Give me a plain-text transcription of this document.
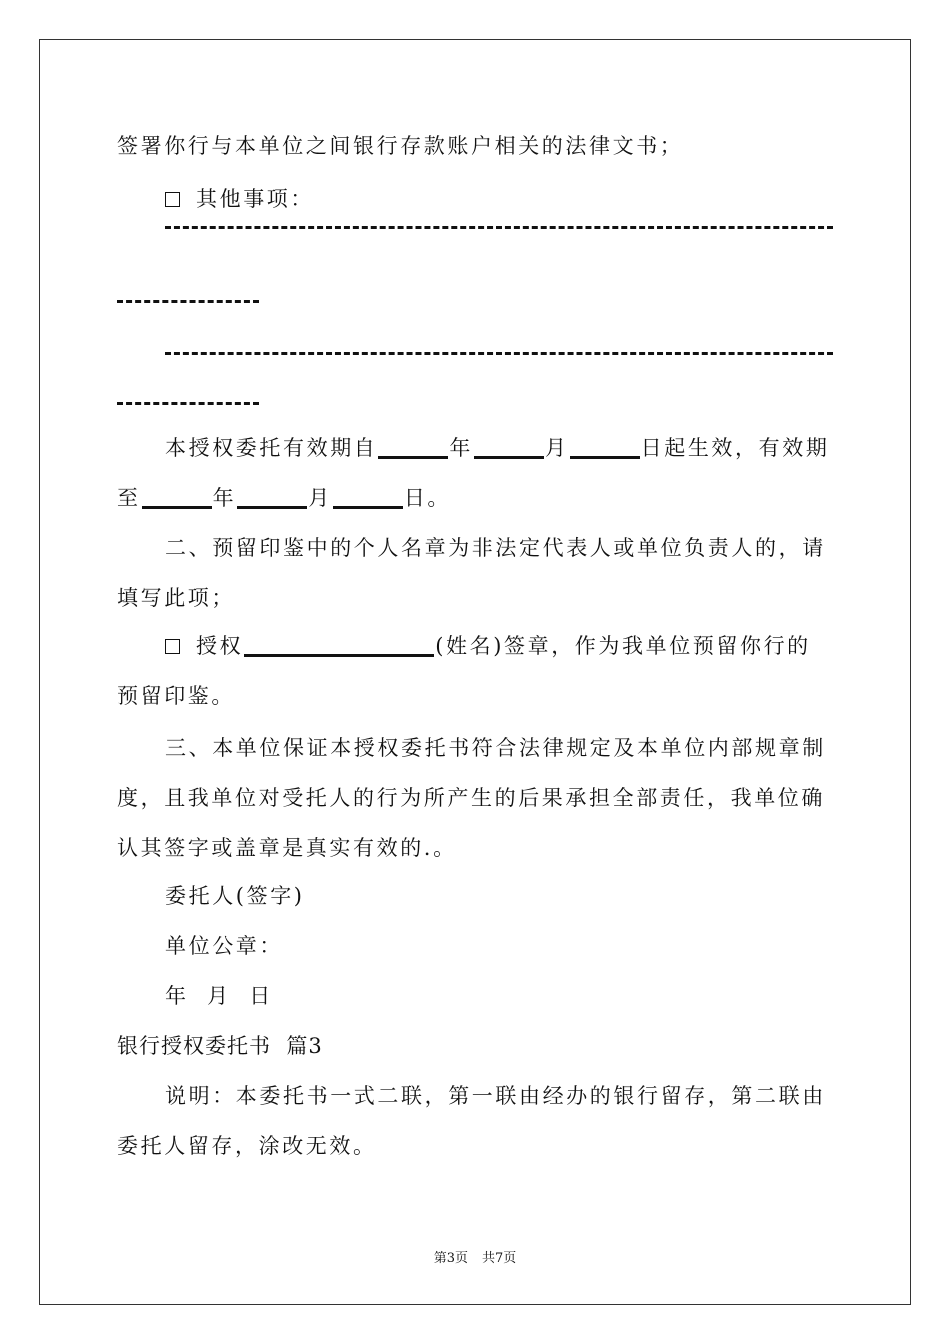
签署你行与本单位之间银行存款账户相关的法律文书；
其他事项：
本授权委托有效期自	年	月	日起生效，有效期
至	年	月	日。
二、预留印鉴中的个人名章为非法定代表人或单位负责人的，请
填写此项；
授权	(姓名)签章，作为我单位预留你行的
预留印鉴。
三、本单位保证本授权委托书符合法律规定及本单位内部规章制
度，且我单位对受托人的行为所产生的后果承担全部责任，我单位确
认其签字或盖章是真实有效的.。
委托人(签字)
单位公章：
年  月  日
银行授权委托书  篇3
说明：本委托书一式二联，第一联由经办的银行留存，第二联由
委托人留存，涂改无效。
第3页 共7页
